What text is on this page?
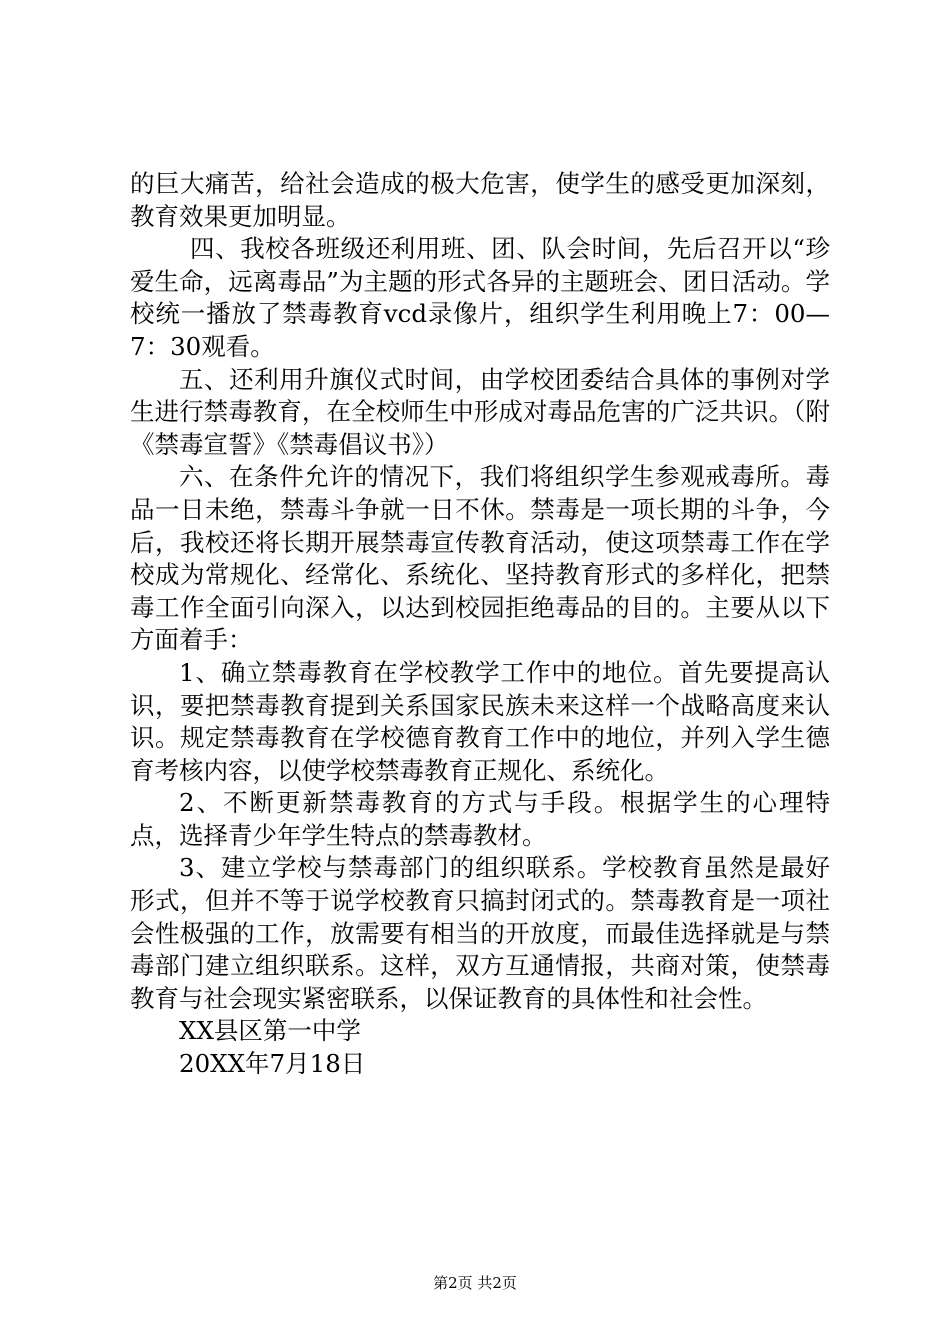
的巨大痛苦，给社会造成的极大危害，使学生的感受更加深刻，教育效果更加明显。

四、我校各班级还利用班、团、队会时间，先后召开以“珍爱生命，远离毒品”为主题的形式各异的主题班会、团日活动。学校统一播放了禁毒教育vcd录像片，组织学生利用晚上7：00—7：30观看。

五、还利用升旗仪式时间，由学校团委结合具体的事例对学生进行禁毒教育，在全校师生中形成对毒品危害的广泛共识。（附《禁毒宣誓》《禁毒倡议书》）

六、在条件允许的情况下，我们将组织学生参观戒毒所。毒品一日未绝，禁毒斗争就一日不休。禁毒是一项长期的斗争，今后，我校还将长期开展禁毒宣传教育活动，使这项禁毒工作在学校成为常规化、经常化、系统化、坚持教育形式的多样化，把禁毒工作全面引向深入，以达到校园拒绝毒品的目的。主要从以下方面着手：

1、确立禁毒教育在学校教学工作中的地位。首先要提高认识，要把禁毒教育提到关系国家民族未来这样一个战略高度来认识。规定禁毒教育在学校德育教育工作中的地位，并列入学生德育考核内容，以使学校禁毒教育正规化、系统化。

2、不断更新禁毒教育的方式与手段。根据学生的心理特点，选择青少年学生特点的禁毒教材。

3、建立学校与禁毒部门的组织联系。学校教育虽然是最好形式，但并不等于说学校教育只搞封闭式的。禁毒教育是一项社会性极强的工作，放需要有相当的开放度，而最佳选择就是与禁毒部门建立组织联系。这样，双方互通情报，共商对策，使禁毒教育与社会现实紧密联系，以保证教育的具体性和社会性。

XX县区第一中学

20XX年7月18日

第2页 共2页
